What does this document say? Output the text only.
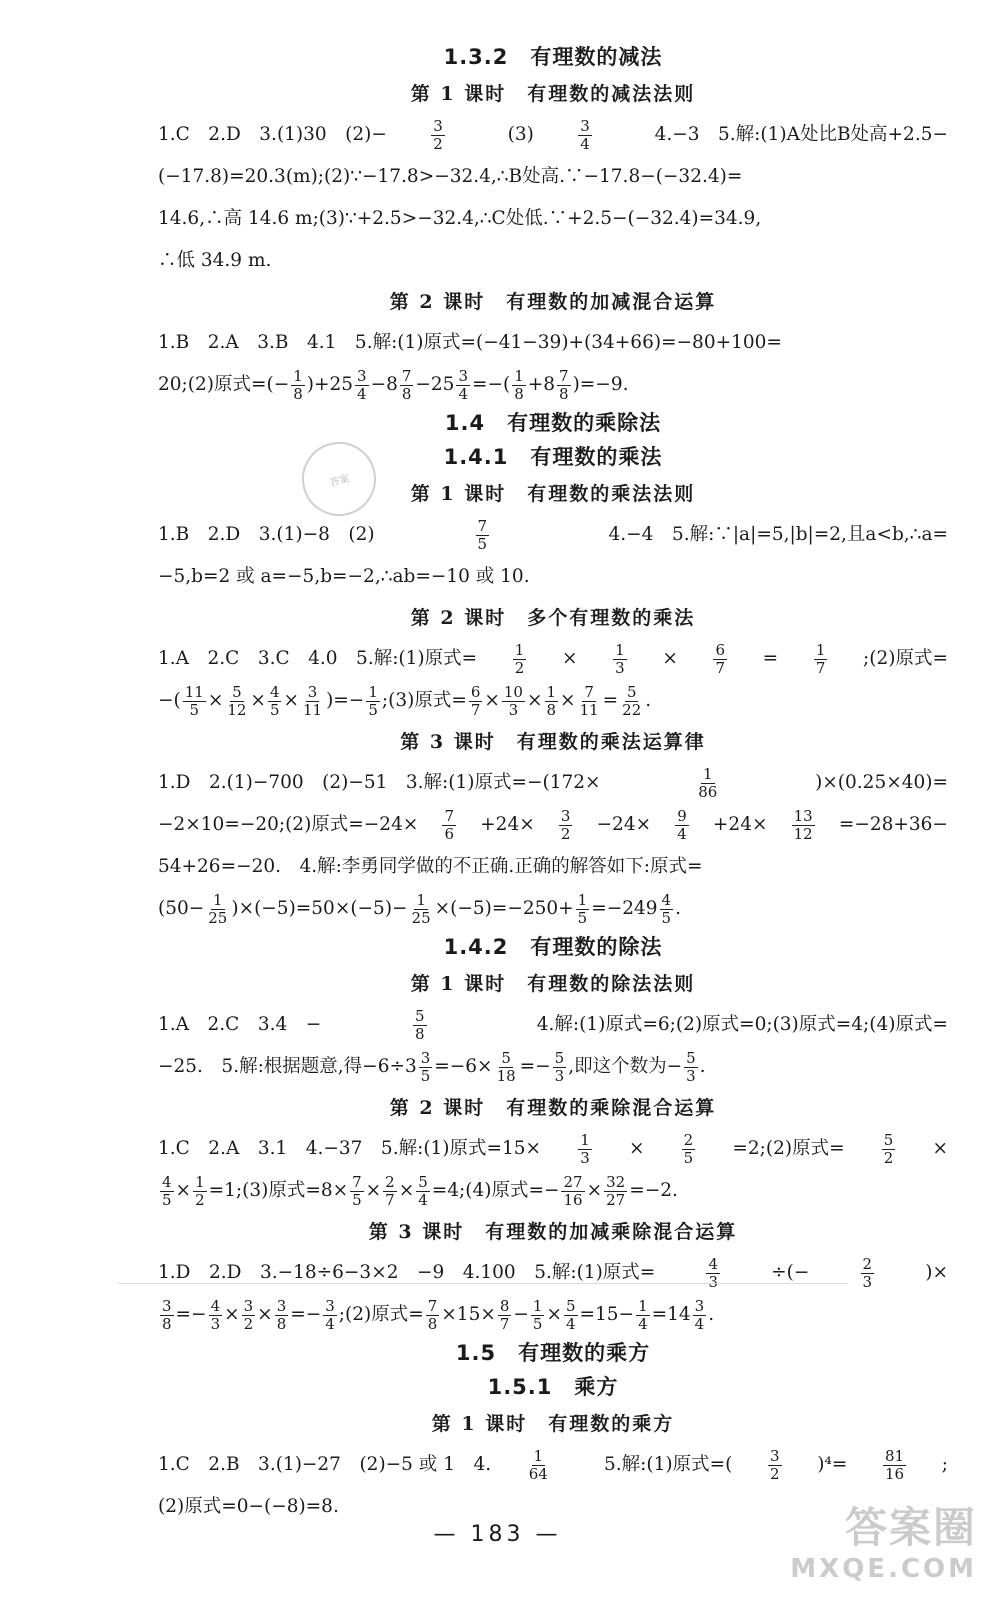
1.3.2　有理数的减法
第 1 课时　有理数的减法法则
1.C　2.D　3.(1)30　(2)−	$\frac{3}{2}$ 　(3)	$\frac{3}{4}$ 　4.−3　5.解:(1)A处比B处高+2.5−
(−17.8)=20.3(m);(2)∵−17.8>−32.4,∴B处高.∵−17.8−(−32.4)=
14.6,∴高 14.6 m;(3)∵+2.5>−32.4,∴C处低.∵+2.5−(−32.4)=34.9,
∴低 34.9 m.
第 2 课时　有理数的加减混合运算
1.B　2.A　3.B　4.1　5.解:(1)原式=(−41−39)+(34+66)=−80+100=
20;(2)原式=(− $\frac{1}{8} )+25 \frac{3}{4} -8 \frac{7}{8} -25 \frac{3}{4}$ =−( $\frac{1}{8} +8 \frac{7}{8} )=-9$.
1.4　有理数的乘除法
1.4.1　有理数的乘法
第 1 课时　有理数的乘法法则
1.B　2.D　3.(1)−8　(2)	$\frac{7}{5}$	　4.−4　5.解:∵|a|=5,|b|=2,且a<b,∴a=
−5,b=2 或 a=−5,b=−2,∴ab=−10 或 10.
第 2 课时　多个有理数的乘法
1.A　2.C　3.C　4.0　5.解:(1)原式= $\frac{1}{2} \times \frac{1}{3} \times \frac{6}{7} = \frac{1}{7}$ ;(2)原式=
−( $\frac{11}{5} \times \frac{5}{12} \times \frac{4}{5} \times \frac{3}{11}$ )=− $\frac{1}{5}$ ;(3)原式= $\frac{6}{7} \times \frac{10}{3} \times \frac{1}{8} \times \frac{7}{11} = \frac{5}{22}$ .
第 3 课时　有理数的乘法运算律
1.D　2.(1)−700　(2)−51　3.解:(1)原式=−(172×	$\frac{1}{86}$	)×(0.25×40)=
−2×10=−20;(2)原式$=-24\times \frac{7}{6} +24\times \frac{3}{2} -24\times \frac{9}{4} +24\times \frac{13}{12} =-28+36-$
54+26=−20.　4.解:李勇同学做的不正确.正确的解答如下:原式=
$(50- \frac{1}{25} )\times(-5)=50\times(-5)- \frac{1}{25} \times(-5)=-250+ \frac{1}{5} =-249 \frac{4}{5}$ .
1.4.2　有理数的除法
第 1 课时　有理数的除法法则
1.A　2.C　3.4　−	$\frac{5}{8}$	　4.解:(1)原式=6;(2)原式=0;(3)原式=4;(4)原式=
−25.　5.解:根据题意,得$-6\div 3 \frac{3}{5} =-6\times \frac{5}{18} =- \frac{5}{3}$ ,即这个数为− $\frac{5}{3}$ .
第 2 课时　有理数的乘除混合运算
1.C　2.A　3.1　4.−37　5.解:(1)原式$=15\times \frac{1}{3} \times \frac{2}{5}$ =2;(2)原式= $\frac{5}{2}$ ×
$\frac{4}{5} \times \frac{1}{2}$ =1;(3)原式$=8\times \frac{7}{5} \times \frac{2}{7} \times \frac{5}{4}$ =4;(4)原式=− $\frac{27}{16} \times \frac{32}{27} =-2$.
第 3 课时　有理数的加减乘除混合运算
1.D　2.D　3.−18÷6−3×2　−9　4.100　5.解:(1)原式=	$\frac{4}{3}$	÷(−	$\frac{2}{3}$	)×
$\frac{3}{8} =- \frac{4}{3} \times \frac{3}{2} \times \frac{3}{8} =- \frac{3}{4}$ ;(2)原式= $\frac{7}{8} \times 15\times \frac{8}{7} - \frac{1}{5} \times \frac{5}{4} =15- \frac{1}{4} =14 \frac{3}{4}$ .
1.5　有理数的乘方
1.5.1　乘方
第 1 课时　有理数的乘方
1.C　2.B　3.(1)−27　(2)−5 或 1　4. $\frac{1}{64}$ 　5.解:(1)原式=( $\frac{3}{2} )^4= \frac{81}{16}$ ;
(2)原式=0−(−8)=8.
答案
— 183 —	答案圈
MXQE.COM
